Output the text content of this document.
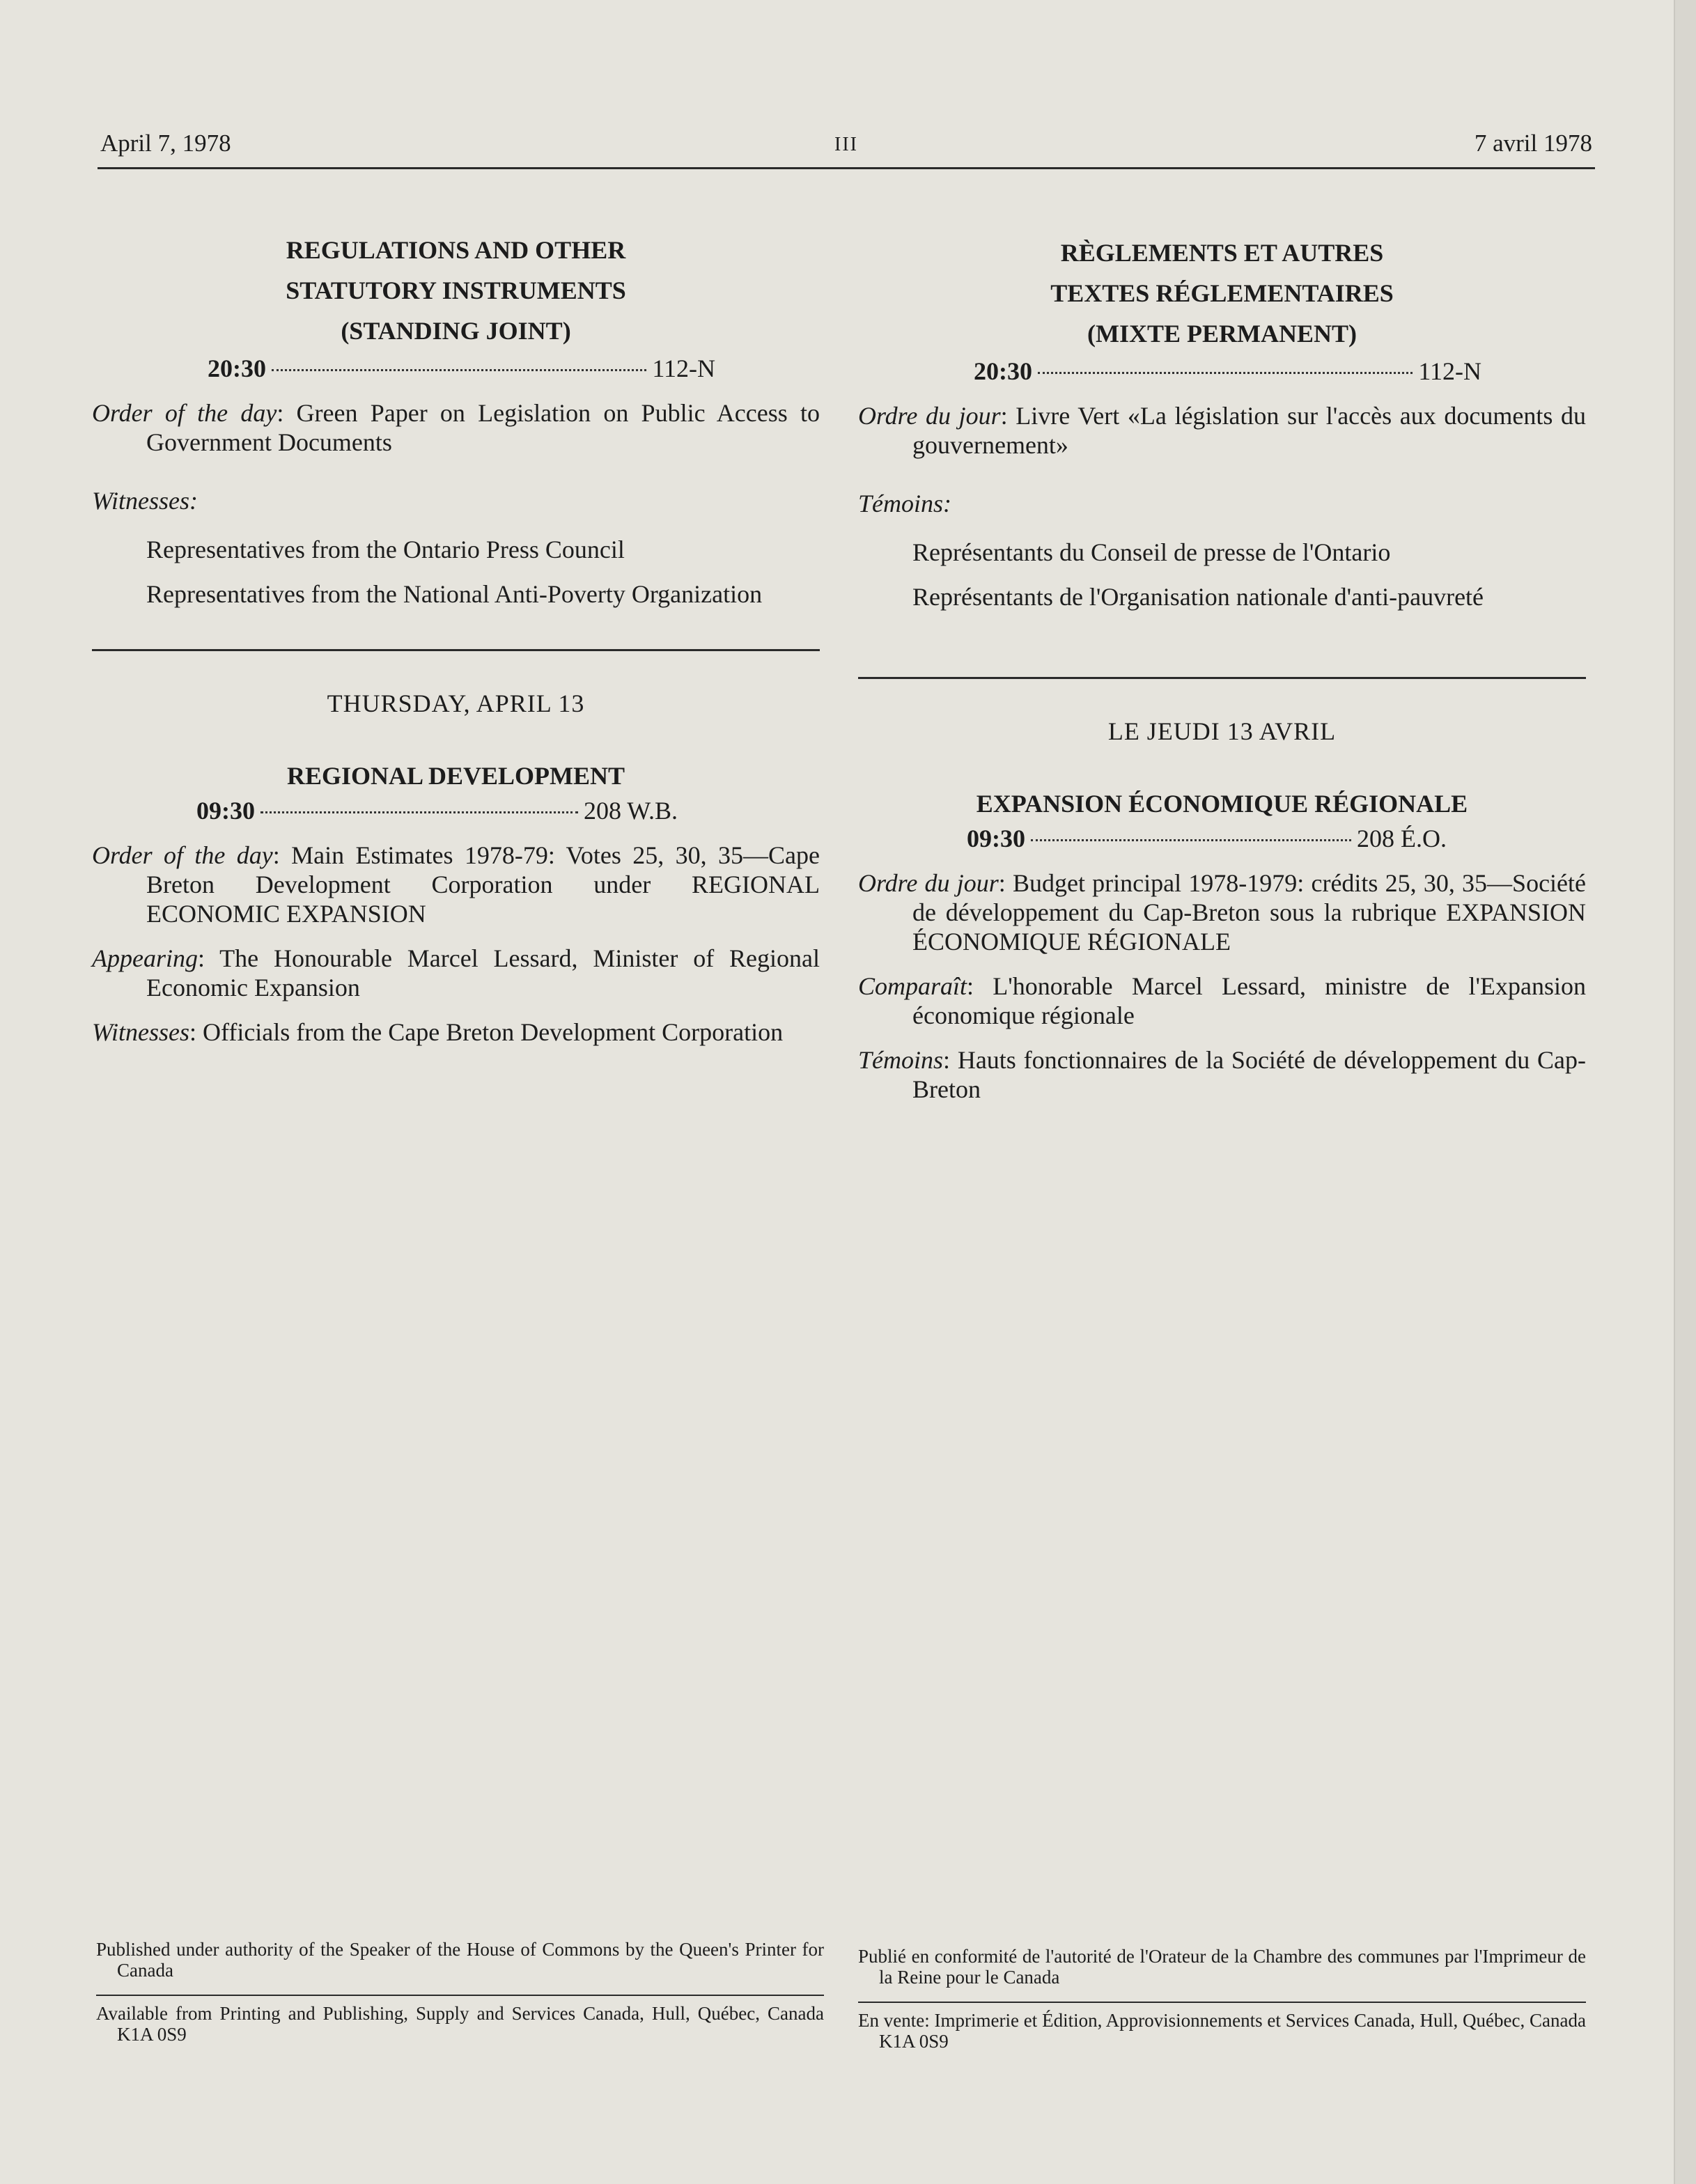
April 7, 1978	III	7 avril 1978
REGULATIONS AND OTHER
STATUTORY INSTRUMENTS
(STANDING JOINT)
20:30	112-N
Order of the day: Green Paper on Legislation on Public Access to Government Documents
Witnesses:
Representatives from the Ontario Press Council
Representatives from the National Anti-Poverty Organization
THURSDAY, APRIL 13
REGIONAL DEVELOPMENT
09:30	208 W.B.
Order of the day: Main Estimates 1978-79: Votes 25, 30, 35—Cape Breton Development Corporation under REGIONAL ECONOMIC EXPANSION
Appearing: The Honourable Marcel Lessard, Minister of Regional Economic Expansion
Witnesses: Officials from the Cape Breton Development Corporation
RÈGLEMENTS ET AUTRES
TEXTES RÉGLEMENTAIRES
(MIXTE PERMANENT)
20:30	112-N
Ordre du jour: Livre Vert «La législation sur l'accès aux documents du gouvernement»
Témoins:
Représentants du Conseil de presse de l'Ontario
Représentants de l'Organisation nationale d'anti-pauvreté
LE JEUDI 13 AVRIL
EXPANSION ÉCONOMIQUE RÉGIONALE
09:30	208 É.O.
Ordre du jour: Budget principal 1978-1979: crédits 25, 30, 35—Société de développement du Cap-Breton sous la rubrique EXPANSION ÉCONOMIQUE RÉGIONALE
Comparaît: L'honorable Marcel Lessard, ministre de l'Expansion économique régionale
Témoins: Hauts fonctionnaires de la Société de développement du Cap-Breton
Published under authority of the Speaker of the House of Commons by the Queen's Printer for Canada
Available from Printing and Publishing, Supply and Services Canada, Hull, Québec, Canada K1A 0S9
Publié en conformité de l'autorité de l'Orateur de la Chambre des communes par l'Imprimeur de la Reine pour le Canada
En vente: Imprimerie et Édition, Approvisionnements et Services Canada, Hull, Québec, Canada K1A 0S9
